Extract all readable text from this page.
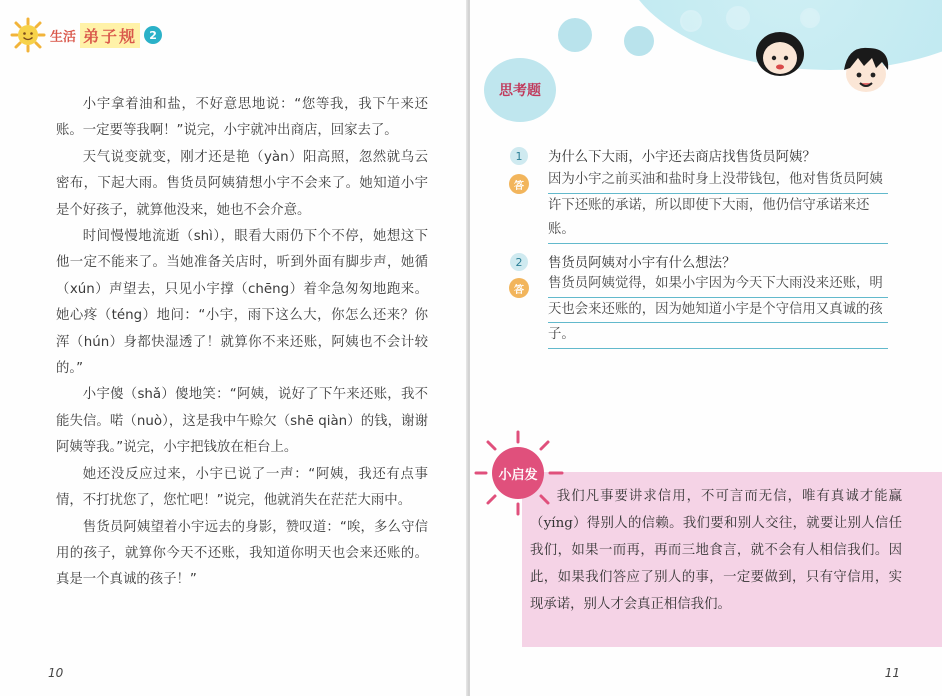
生活 弟子规	2

小宇拿着油和盐，不好意思地说：“您等我，我下午来还账。一定要等我啊！”说完，小宇就冲出商店，回家去了。

天气说变就变，刚才还是艳（yàn）阳高照，忽然就乌云密布，下起大雨。售货员阿姨猜想小宇不会来了。她知道小宇是个好孩子，就算他没来，她也不会介意。

时间慢慢地流逝（shì），眼看大雨仍下个不停，她想这下他一定不能来了。当她准备关店时，听到外面有脚步声，她循（xún）声望去，只见小宇撑（chēng）着伞急匆匆地跑来。她心疼（téng）地问：“小宇，雨下这么大，你怎么还来？你浑（hún）身都快湿透了！就算你不来还账，阿姨也不会计较的。”

小宇傻（shǎ）傻地笑：“阿姨，说好了下午来还账，我不能失信。喏（nuò），这是我中午赊欠（shē qiàn）的钱，谢谢阿姨等我。”说完，小宇把钱放在柜台上。

她还没反应过来，小宇已说了一声：“阿姨，我还有点事情，不打扰您了，您忙吧！”说完，他就消失在茫茫大雨中。

售货员阿姨望着小宇远去的身影，赞叹道：“唉，多么守信用的孩子，就算你今天不还账，我知道你明天也会来还账的。真是一个真诚的孩子！”

10
思考题
1	为什么下大雨，小宇还去商店找售货员阿姨？
答	因为小宇之前买油和盐时身上没带钱包，他对售货员阿姨

许下还账的承诺，所以即使下大雨，他仍信守承诺来还账。

2	售货员阿姨对小宇有什么想法？
答	售货员阿姨觉得，如果小宇因为今天下大雨没来还账，明

天也会来还账的，因为她知道小宇是个守信用又真诚的孩

子。

小启发

我们凡事要讲求信用，不可言而无信，唯有真诚才能赢（yíng）得别人的信赖。我们要和别人交往，就要让别人信任我们，如果一而再，再而三地食言，就不会有人相信我们。因此，如果我们答应了别人的事，一定要做到，只有守信用，实现承诺，别人才会真正相信我们。

11
